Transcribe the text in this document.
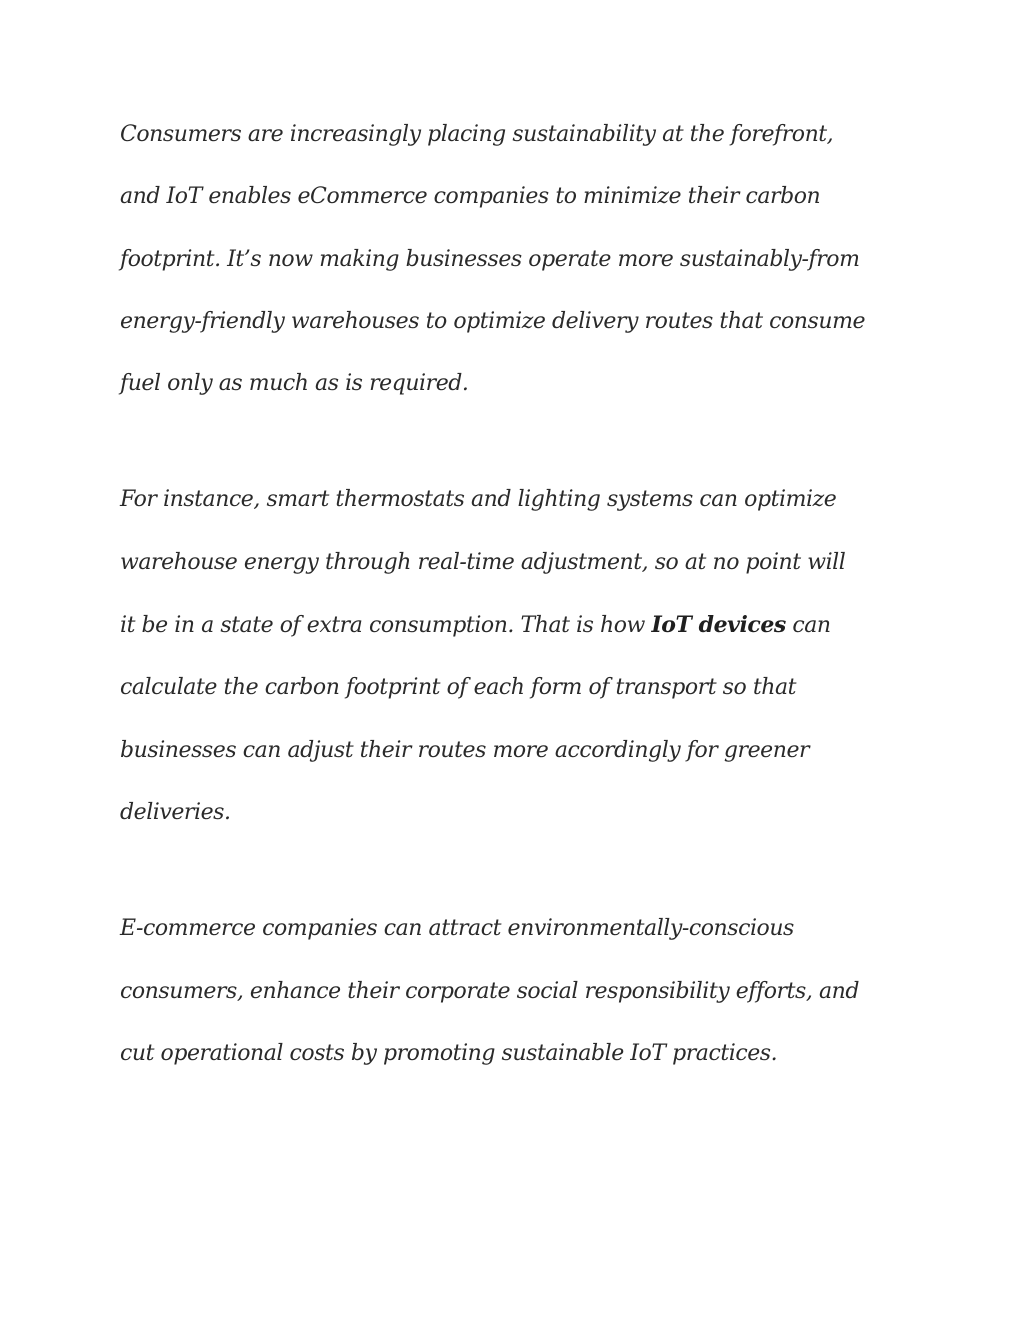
Consumers are increasingly placing sustainability at the forefront,
and IoT enables eCommerce companies to minimize their carbon
footprint. It’s now making businesses operate more sustainably-from
energy-friendly warehouses to optimize delivery routes that consume
fuel only as much as is required.

For instance, smart thermostats and lighting systems can optimize
warehouse energy through real-time adjustment, so at no point will
it be in a state of extra consumption. That is how IoT devices can
calculate the carbon footprint of each form of transport so that
businesses can adjust their routes more accordingly for greener
deliveries.

E-commerce companies can attract environmentally-conscious
consumers, enhance their corporate social responsibility efforts, and
cut operational costs by promoting sustainable IoT practices.
